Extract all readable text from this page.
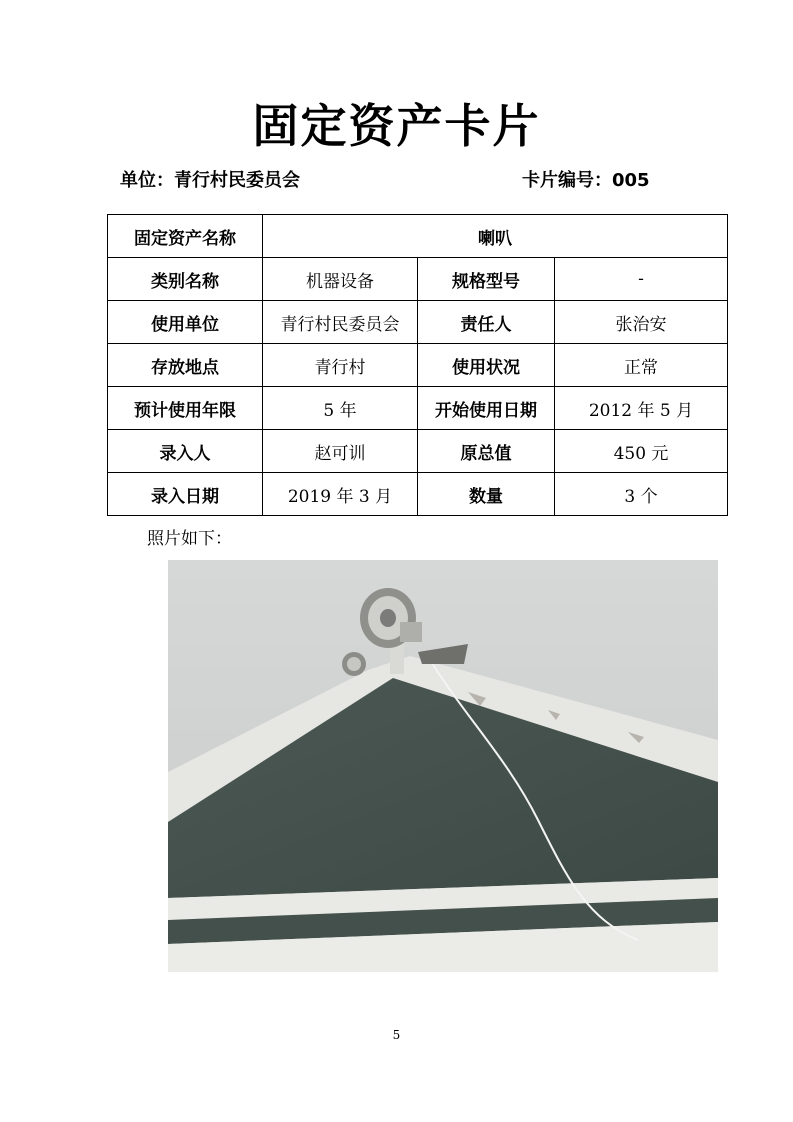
固定资产卡片
单位：青行村民委员会	卡片编号：005
固定资产名称	喇叭		
类别名称	机器设备	规格型号	-
使用单位	青行村民委员会	责任人	张治安
存放地点	青行村	使用状况	正常
预计使用年限	5 年	开始使用日期	2012 年 5 月
录入人	赵可训	原总值	450 元
录入日期	2019 年 3 月	数量	3 个
照片如下：
5
